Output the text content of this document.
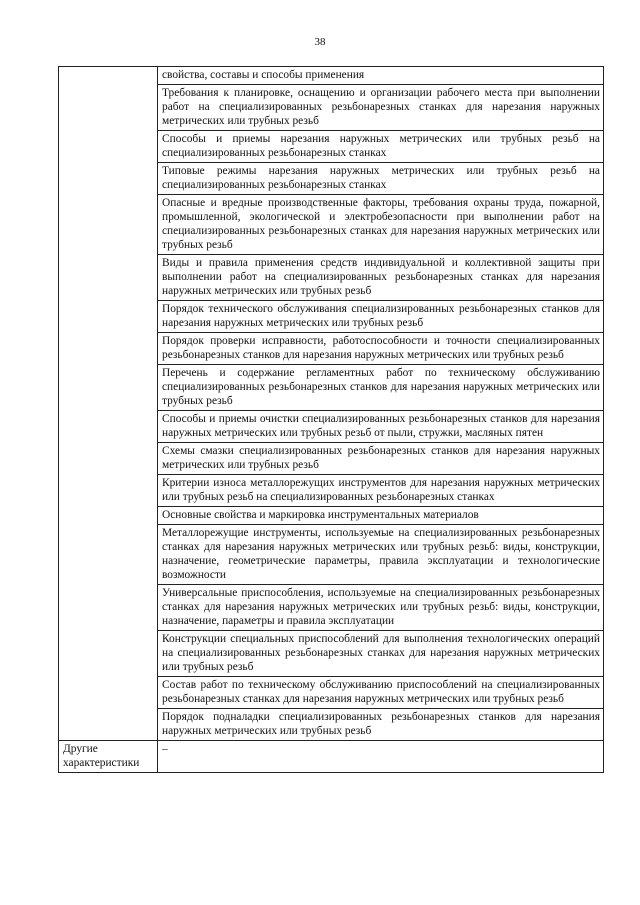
38
	свойства, составы и способы применения
	Требования к планировке, оснащению и организации рабочего места при выполнении работ на специализированных резьбонарезных станках для нарезания наружных метрических или трубных резьб
	Способы и приемы нарезания наружных метрических или трубных резьб на специализированных резьбонарезных станках
	Типовые режимы нарезания наружных метрических или трубных резьб на специализированных резьбонарезных станках
	Опасные и вредные производственные факторы, требования охраны труда, пожарной, промышленной, экологической и электробезопасности при выполнении работ на специализированных резьбонарезных станках для нарезания наружных метрических или трубных резьб
	Виды и правила применения средств индивидуальной и коллективной защиты при выполнении работ на специализированных резьбонарезных станках для нарезания наружных метрических или трубных резьб
	Порядок технического обслуживания специализированных резьбонарезных станков для нарезания наружных метрических или трубных резьб
	Порядок проверки исправности, работоспособности и точности специализированных резьбонарезных станков для нарезания наружных метрических или трубных резьб
	Перечень и содержание регламентных работ по техническому обслуживанию специализированных резьбонарезных станков для нарезания наружных метрических или трубных резьб
	Способы и приемы очистки специализированных резьбонарезных станков для нарезания наружных метрических или трубных резьб от пыли, стружки, масляных пятен
	Схемы смазки специализированных резьбонарезных станков для нарезания наружных метрических или трубных резьб
	Критерии износа металлорежущих инструментов для нарезания наружных метрических или трубных резьб на специализированных резьбонарезных станках
	Основные свойства и маркировка инструментальных материалов
	Металлорежущие инструменты, используемые на специализированных резьбонарезных станках для нарезания наружных метрических или трубных резьб: виды, конструкции, назначение, геометрические параметры, правила эксплуатации и технологические возможности
	Универсальные приспособления, используемые на специализированных резьбонарезных станках для нарезания наружных метрических или трубных резьб: виды, конструкции, назначение, параметры и правила эксплуатации
	Конструкции специальных приспособлений для выполнения технологических операций на специализированных резьбонарезных станках для нарезания наружных метрических или трубных резьб
	Состав работ по техническому обслуживанию приспособлений на специализированных резьбонарезных станках для нарезания наружных метрических или трубных резьб
	Порядок подналадки специализированных резьбонарезных станков для нарезания наружных метрических или трубных резьб
Другие характеристики	–
